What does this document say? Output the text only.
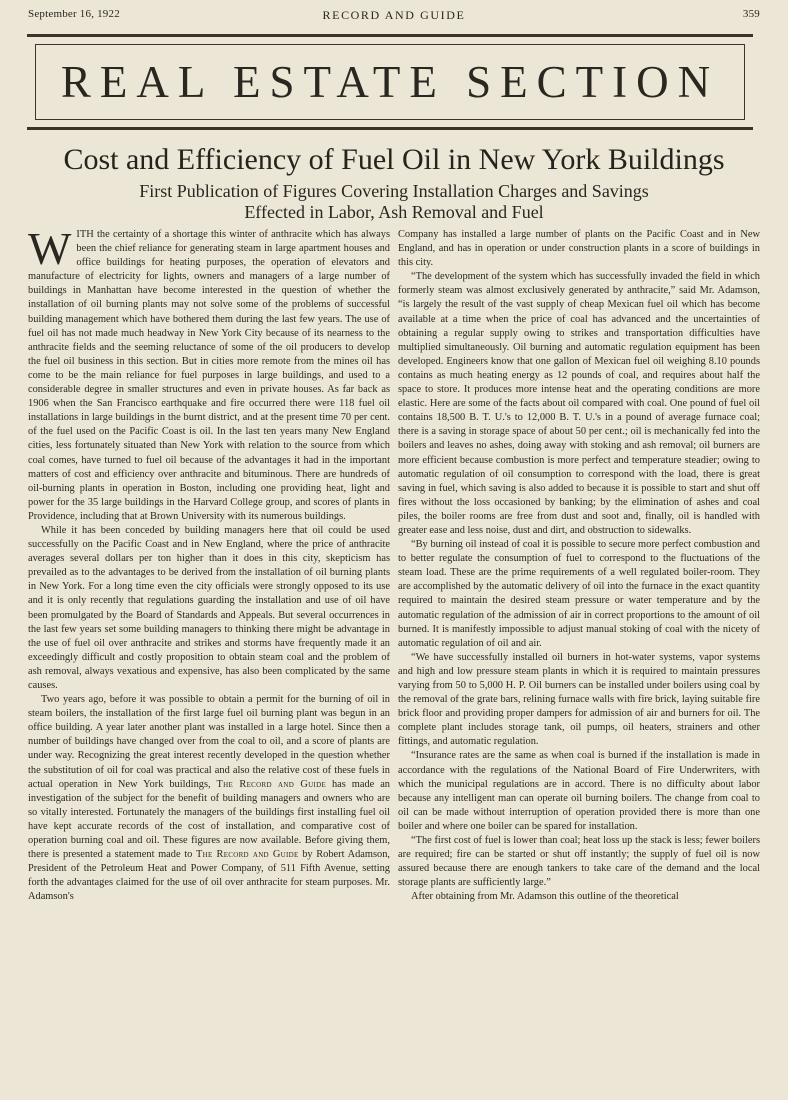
September 16, 1922	RECORD AND GUIDE	359
REAL ESTATE SECTION
Cost and Efficiency of Fuel Oil in New York Buildings
First Publication of Figures Covering Installation Charges and Savings Effected in Labor, Ash Removal and Fuel

WITH the certainty of a shortage this winter of anthracite which has always been the chief reliance for generating steam in large apartment houses and office buildings for heating purposes, the operation of elevators and manufacture of electricity for lights, owners and managers of a large number of buildings in Manhattan have become interested in the question of whether the installation of oil burning plants may not solve some of the problems of successful building management which have bothered them during the last few years. The use of fuel oil has not made much headway in New York City because of its nearness to the anthracite fields and the seeming reluctance of some of the oil producers to develop the fuel oil business in this section. But in cities more remote from the mines oil has come to be the main reliance for fuel purposes in large buildings, and used to a considerable degree in smaller structures and even in private houses. As far back as 1906 when the San Francisco earthquake and fire occurred there were 118 fuel oil installations in large buildings in the burnt district, and at the present time 70 per cent. of the fuel used on the Pacific Coast is oil. In the last ten years many New England cities, less fortunately situated than New York with relation to the source from which coal comes, have turned to fuel oil because of the advantages it had in the important matters of cost and efficiency over anthracite and bituminous. There are hundreds of oil-burning plants in operation in Boston, including one providing heat, light and power for the 35 large buildings in the Harvard College group, and scores of plants in Providence, including that at Brown University with its numerous buildings.

While it has been conceded by building managers here that oil could be used successfully on the Pacific Coast and in New England, where the price of anthracite averages several dollars per ton higher than it does in this city, skepticism has prevailed as to the advantages to be derived from the installation of oil burning plants in New York. For a long time even the city officials were strongly opposed to its use and it is only recently that regulations guarding the installation and use of oil have been promulgated by the Board of Standards and Appeals. But several occurrences in the last few years set some building managers to thinking there might be advantage in the use of fuel oil over anthracite and strikes and storms have frequently made it an exceedingly difficult and costly proposition to obtain steam coal and the problem of ash removal, always vexatious and expensive, has also been complicated by the same causes.

Two years ago, before it was possible to obtain a permit for the burning of oil in steam boilers, the installation of the first large fuel oil burning plant was begun in an office building. A year later another plant was installed in a large hotel. Since then a number of buildings have changed over from the coal to oil, and a score of plants are under way. Recognizing the great interest recently developed in the question whether the substitution of oil for coal was practical and also the relative cost of these fuels in actual operation in New York buildings, The Record and Guide has made an investigation of the subject for the benefit of building managers and owners who are so vitally interested. Fortunately the managers of the buildings first installing fuel oil have kept accurate records of the cost of installation, and comparative cost of operation burning coal and oil. These figures are now available. Before giving them, there is presented a statement made to The Record and Guide by Robert Adamson, President of the Petroleum Heat and Power Company, of 511 Fifth Avenue, setting forth the advantages claimed for the use of oil over anthracite for steam purposes. Mr. Adamson's

Company has installed a large number of plants on the Pacific Coast and in New England, and has in operation or under construction plants in a score of buildings in this city.

“The development of the system which has successfully invaded the field in which formerly steam was almost exclusively generated by anthracite,” said Mr. Adamson, “is largely the result of the vast supply of cheap Mexican fuel oil which has become available at a time when the price of coal has advanced and the uncertainties of obtaining a regular supply owing to strikes and transportation difficulties have multiplied simultaneously. Oil burning and automatic regulation equipment has been developed. Engineers know that one gallon of Mexican fuel oil weighing 8.10 pounds contains as much heating energy as 12 pounds of coal, and requires about half the space to store. It produces more intense heat and the operating conditions are more elastic. Here are some of the facts about oil compared with coal. One pound of fuel oil contains 18,500 B. T. U.'s to 12,000 B. T. U.'s in a pound of average furnace coal; there is a saving in storage space of about 50 per cent.; oil is mechanically fed into the boilers and leaves no ashes, doing away with stoking and ash removal; oil burners are more efficient because combustion is more perfect and temperature steadier; owing to automatic regulation of oil consumption to correspond with the load, there is great saving in fuel, which saving is also added to because it is possible to start and shut off fires without the loss occasioned by banking; by the elimination of ashes and coal piles, the boiler rooms are free from dust and soot and, finally, oil is handled with greater ease and less noise, dust and dirt, and obstruction to sidewalks.

“By burning oil instead of coal it is possible to secure more perfect combustion and to better regulate the consumption of fuel to correspond to the fluctuations of the steam load. These are the prime requirements of a well regulated boiler-room. They are accomplished by the automatic delivery of oil into the furnace in the exact quantity required to maintain the desired steam pressure or water temperature and by the automatic regulation of the admission of air in correct proportions to the amount of oil burned. It is manifestly impossible to adjust manual stoking of coal with the nicety of automatic regulation of oil and air.

“We have successfully installed oil burners in hot-water systems, vapor systems and high and low pressure steam plants in which it is required to maintain pressures varying from 50 to 5,000 H. P. Oil burners can be installed under boilers using coal by the removal of the grate bars, relining furnace walls with fire brick, laying suitable fire brick floor and providing proper dampers for admission of air and burners for oil. The complete plant includes storage tank, oil pumps, oil heaters, strainers and other fittings, and automatic regulation.

“Insurance rates are the same as when coal is burned if the installation is made in accordance with the regulations of the National Board of Fire Underwriters, with which the municipal regulations are in accord. There is no difficulty about labor because any intelligent man can operate oil burning boilers. The change from coal to oil can be made without interruption of operation provided there is more than one boiler and where one boiler can be spared for installation.

“The first cost of fuel is lower than coal; heat loss up the stack is less; fewer boilers are required; fire can be started or shut off instantly; the supply of fuel oil is now assured because there are enough tankers to take care of the demand and the local storage plants are sufficiently large.”

After obtaining from Mr. Adamson this outline of the theoretical
